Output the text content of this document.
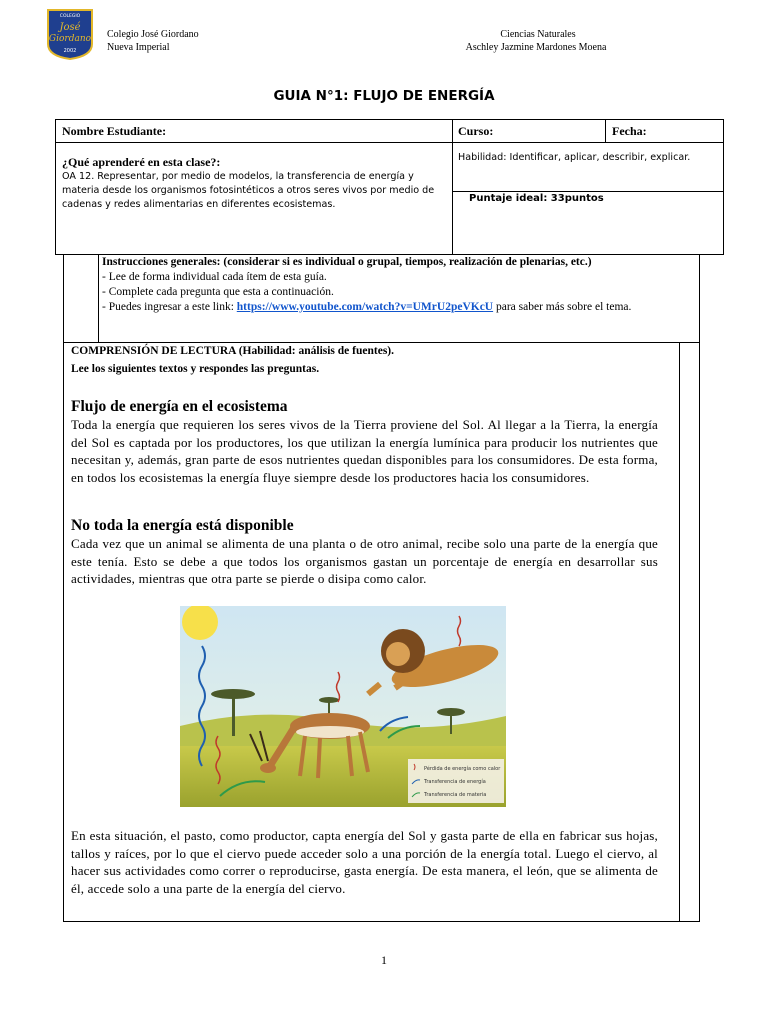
COLEGIO
José
Giordano
2002
Colegio José Giordano
Nueva Imperial
Ciencias Naturales
Aschley Jazmine Mardones Moena
GUIA N°1: FLUJO DE ENERGÍA
Nombre Estudiante:	Curso:	Fecha:
¿Qué aprenderé en esta clase?:
OA 12. Representar, por medio de modelos, la transferencia de energía y materia desde los organismos fotosintéticos a otros seres vivos por medio de cadenas y redes alimentarias en diferentes ecosistemas.
Habilidad: Identificar, aplicar, describir, explicar.
Puntaje ideal: 33puntos
Instrucciones generales: (considerar si es individual o grupal, tiempos, realización de plenarias, etc.)
- Lee de forma individual cada ítem de esta guía.
- Complete cada pregunta que esta a continuación.
- Puedes ingresar a este link: https://www.youtube.com/watch?v=UMrU2peVKcU para saber más sobre el tema.
COMPRENSIÓN DE LECTURA (Habilidad: análisis de fuentes).
Lee los siguientes textos y respondes las preguntas.
Flujo de energía en el ecosistema
Toda la energía que requieren los seres vivos de la Tierra proviene del Sol. Al llegar a la Tierra, la energía del Sol es captada por los productores, los que utilizan la energía lumínica para producir los nutrientes que necesitan y, además, gran parte de esos nutrientes quedan disponibles para los consumidores. De esta forma, en todos los ecosistemas la energía fluye siempre desde los productores hacia los consumidores.
No toda la energía está disponible
Cada vez que un animal se alimenta de una planta o de otro animal, recibe solo una parte de la energía que este tenía. Esto se debe a que todos los organismos gastan un porcentaje de energía en desarrollar sus actividades, mientras que otra parte se pierde o disipa como calor.
Pérdida de energía como calor
Transferencia de energía
Transferencia de materia
En esta situación, el pasto, como productor, capta energía del Sol y gasta parte de ella en fabricar sus hojas, tallos y raíces, por lo que el ciervo puede acceder solo a una porción de la energía total. Luego el ciervo, al hacer sus actividades como correr o reproducirse, gasta energía. De esta manera, el león, que se alimenta de él, accede solo a una parte de la energía del ciervo.
1
